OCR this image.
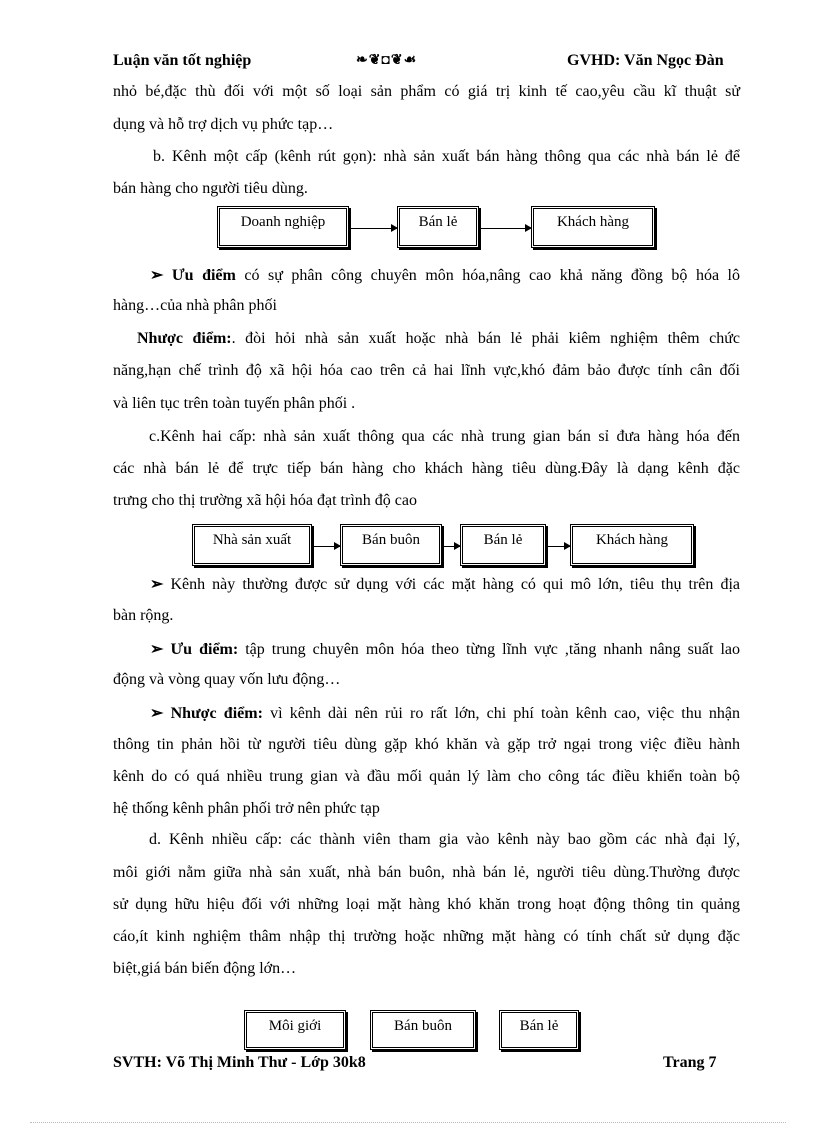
Luận văn tốt nghiệp	❧❦◘❦☙	GVHD: Văn Ngọc Đàn
nhỏ bé,đặc thù đối với một số loại sản phẩm có giá trị kinh tế cao,yêu cầu kĩ thuật sử
dụng và hỗ trợ dịch vụ phức tạp…
b. Kênh một cấp (kênh rút gọn): nhà sản xuất bán hàng thông qua các nhà bán lẻ để
bán hàng cho người tiêu dùng.
Doanh nghiệp	Bán lẻ	Khách hàng
➢ Ưu điểm có sự phân công chuyên môn hóa,nâng cao khả năng đồng bộ hóa lô
hàng…của nhà phân phối
Nhược điểm:. đòi hỏi nhà sản xuất hoặc nhà bán lẻ phải kiêm nghiệm thêm chức
năng,hạn chế trình độ xã hội hóa cao trên cả hai lĩnh vực,khó đảm bảo được tính cân đối
và liên tục trên toàn tuyến phân phối .
c.Kênh hai cấp: nhà sản xuất thông qua các nhà trung gian bán sỉ đưa hàng hóa đến
các nhà bán lẻ để trực tiếp bán hàng cho khách hàng tiêu dùng.Đây là dạng kênh đặc
trưng cho thị trường xã hội hóa đạt trình độ cao
Nhà sản xuất	Bán buôn	Bán lẻ	Khách hàng
➢ Kênh này thường được sử dụng với các mặt hàng có qui mô lớn, tiêu thụ trên địa
bàn rộng.
➢ Ưu điểm: tập trung chuyên môn hóa theo từng lĩnh vực ,tăng nhanh nâng suất lao
động và vòng quay vốn lưu động…
➢ Nhược điểm: vì kênh dài nên rủi ro rất lớn, chi phí toàn kênh cao, việc thu nhận
thông tin phản hồi từ người tiêu dùng gặp khó khăn và gặp trở ngại trong việc điều hành
kênh do có quá nhiều trung gian và đầu mối quản lý làm cho công tác điều khiển toàn bộ
hệ thống kênh phân phối trở nên phức tạp
d. Kênh nhiều cấp: các thành viên tham gia vào kênh này bao gồm các nhà đại lý,
môi giới nằm giữa nhà sản xuất, nhà bán buôn, nhà bán lẻ, người tiêu dùng.Thường được
sử dụng hữu hiệu đối với những loại mặt hàng khó khăn trong hoạt động thông tin quảng
cáo,ít kinh nghiệm thâm nhập thị trường hoặc những mặt hàng có tính chất sử dụng đặc
biệt,giá bán biến động lớn…
Môi giới	Bán buôn	Bán lẻ
SVTH: Võ Thị Minh Thư - Lớp 30k8	Trang 7
